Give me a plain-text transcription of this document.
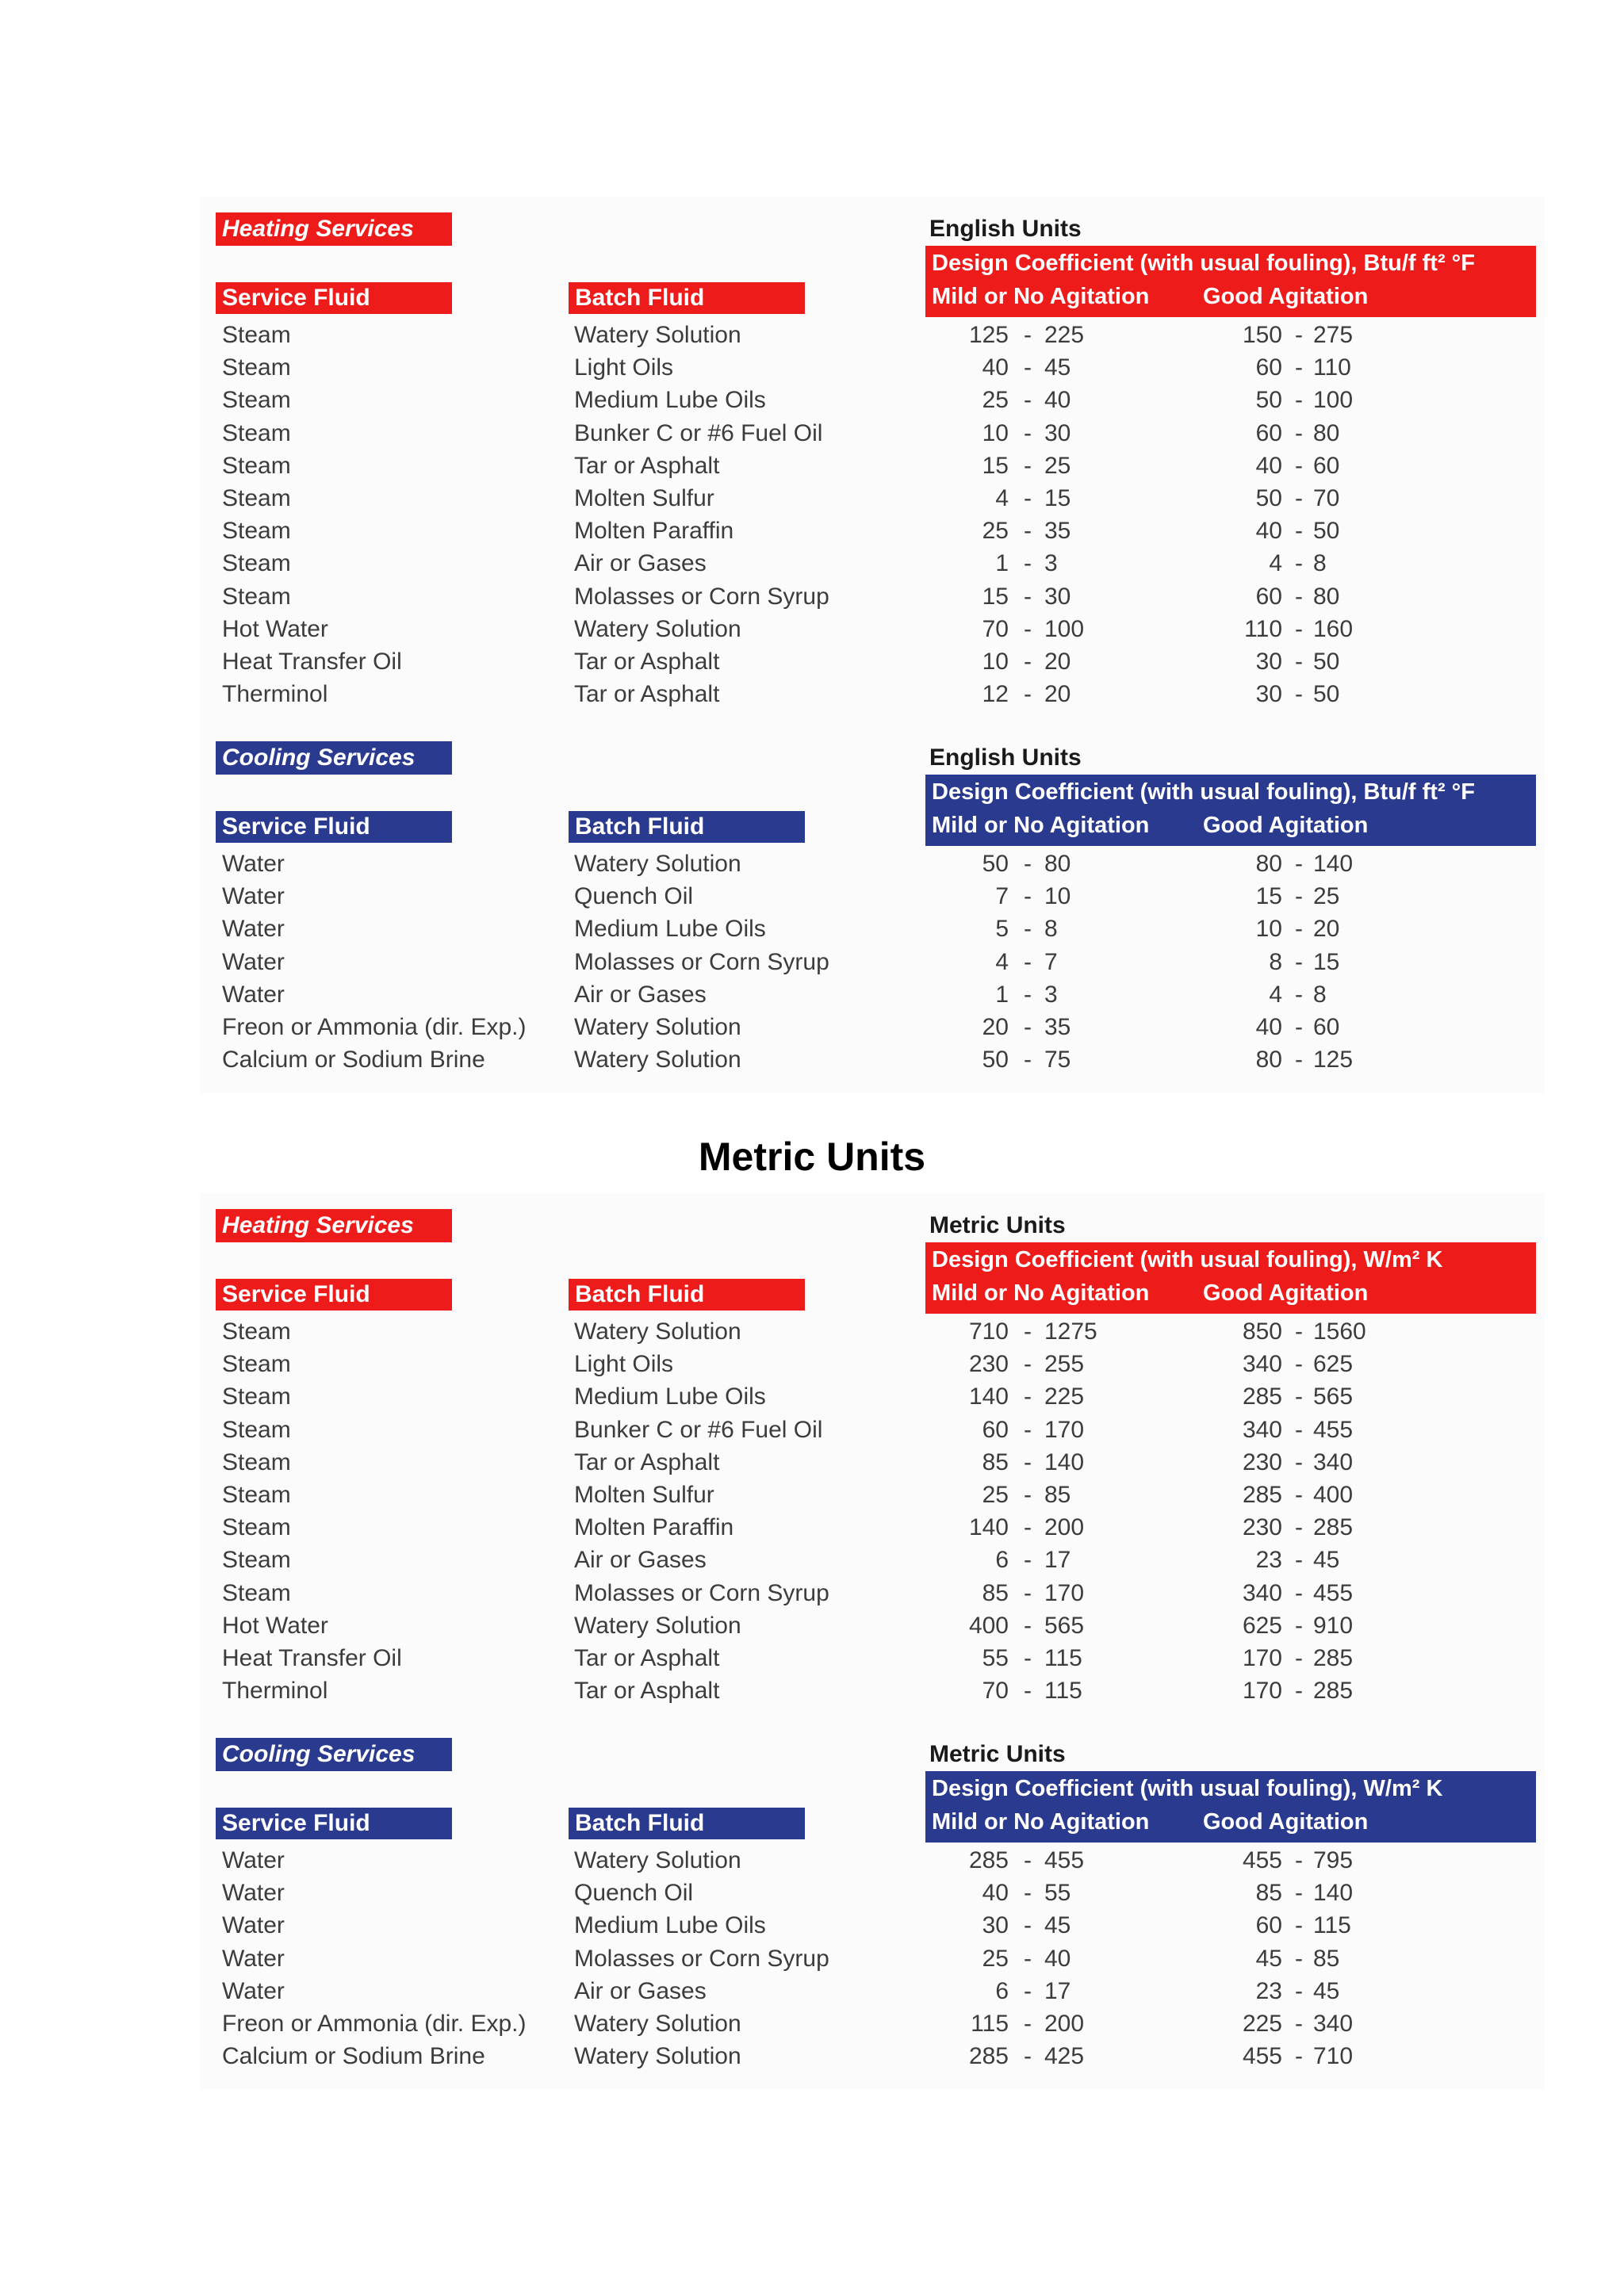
Heating Services	English Units
Design Coefficient (with usual fouling), Btu/f ft² °F
Mild or No Agitation Good Agitation
Service Fluid	Batch Fluid
Steam	Watery Solution	125 - 225	150 - 275
Steam	Light Oils	40 - 45	60 - 110
Steam	Medium Lube Oils	25 - 40	50 - 100
Steam	Bunker C or #6 Fuel Oil	10 - 30	60 - 80
Steam	Tar or Asphalt	15 - 25	40 - 60
Steam	Molten Sulfur	4 - 15	50 - 70
Steam	Molten Paraffin	25 - 35	40 - 50
Steam	Air or Gases	1 - 3	4 - 8
Steam	Molasses or Corn Syrup	15 - 30	60 - 80
Hot Water	Watery Solution	70 - 100	110 - 160
Heat Transfer Oil	Tar or Asphalt	10 - 20	30 - 50
Therminol	Tar or Asphalt	12 - 20	30 - 50
Cooling Services	English Units
Design Coefficient (with usual fouling), Btu/f ft² °F
Mild or No Agitation Good Agitation
Service Fluid	Batch Fluid
Water	Watery Solution	50 - 80	80 - 140
Water	Quench Oil	7 - 10	15 - 25
Water	Medium Lube Oils	5 - 8	10 - 20
Water	Molasses or Corn Syrup	4 - 7	8 - 15
Water	Air or Gases	1 - 3	4 - 8
Freon or Ammonia (dir. Exp.) Watery Solution	20 - 35	40 - 60
Calcium or Sodium Brine	Watery Solution	50 - 75	80 - 125
Metric Units
Heating Services	Metric Units
Design Coefficient (with usual fouling), W/m² K
Mild or No Agitation Good Agitation
Service Fluid	Batch Fluid
Steam	Watery Solution	710 - 1275	850 - 1560
Steam	Light Oils	230 - 255	340 - 625
Steam	Medium Lube Oils	140 - 225	285 - 565
Steam	Bunker C or #6 Fuel Oil	60 - 170	340 - 455
Steam	Tar or Asphalt	85 - 140	230 - 340
Steam	Molten Sulfur	25 - 85	285 - 400
Steam	Molten Paraffin	140 - 200	230 - 285
Steam	Air or Gases	6 - 17	23 - 45
Steam	Molasses or Corn Syrup	85 - 170	340 - 455
Hot Water	Watery Solution	400 - 565	625 - 910
Heat Transfer Oil	Tar or Asphalt	55 - 115	170 - 285
Therminol	Tar or Asphalt	70 - 115	170 - 285
Cooling Services	Metric Units
Design Coefficient (with usual fouling), W/m² K
Mild or No Agitation Good Agitation
Service Fluid	Batch Fluid
Water	Watery Solution	285 - 455	455 - 795
Water	Quench Oil	40 - 55	85 - 140
Water	Medium Lube Oils	30 - 45	60 - 115
Water	Molasses or Corn Syrup	25 - 40	45 - 85
Water	Air or Gases	6 - 17	23 - 45
Freon or Ammonia (dir. Exp.) Watery Solution	115 - 200	225 - 340
Calcium or Sodium Brine	Watery Solution	285 - 425	455 - 710
